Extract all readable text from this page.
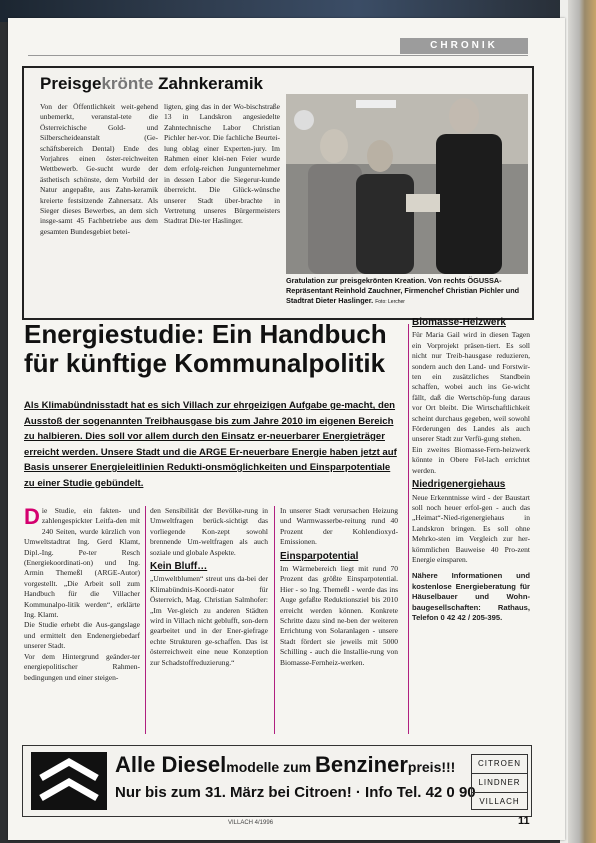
CHRONIK
Preisgekrönte Zahnkeramik
Von der Öffentlichkeit weit-gehend unbemerkt, veranstal-tete die Österreichische Gold- und Silberscheideanstalt (Ge-schäftsbereich Dental) Ende des Vorjahres einen öster-reichweiten Wettbewerb. Ge-sucht wurde der ästhetisch schönste, dem Vorbild der Natur angepaßte, aus Zahn-keramik kreierte festsitzende Zahnersatz. Als Sieger dieses Bewerbes, an dem sich insge-samt 45 Fachbetriebe aus dem gesamten Bundesgebiet betei-
ligten, ging das in der Wo-bischstraße 13 in Landskron angesiedelte Zahntechnische Labor Christian Pichler her-vor. Die fachliche Beurtei-lung oblag einer Experten-jury. Im Rahmen einer klei-nen Feier wurde dem erfolg-reichen Jungunternehmer in dessen Labor die Siegerur-kunde überreicht. Die Glück-wünsche unserer Stadt über-brachte in Vertretung unseres Bürgermeisters Stadtrat Die-ter Haslinger.
Gratulation zur preisgekrönten Kreation. Von rechts ÖGUSSA-Repräsentant Reinhold Zauchner, Firmenchef Christian Pichler und Stadtrat Dieter Haslinger. Foto: Lercher
Energiestudie: Ein Handbuch für künftige Kommunalpolitik
Als Klimabündnisstadt hat es sich Villach zur ehrgeizigen Aufgabe ge-macht, den Ausstoß der sogenannten Treibhausgase bis zum Jahre 2010 im eigenen Bereich zu halbieren. Dies soll vor allem durch den Einsatz er-neuerbarer Energieträger erreicht werden. Unsere Stadt und die ARGE Er-neuerbare Energie haben jetzt auf Basis unserer Energieleitlinien Redukti-onsmöglichkeiten und Einsparpotentiale zu einer Studie gebündelt.

Die Studie, ein fakten- und zahlengespickter Leitfa-den mit 240 Seiten, wurde kürzlich von Umweltstadtrat Ing. Gerd Klamt, Dipl.-Ing. Pe-ter Resch (Energiekoordinati-on) und Ing. Armin Themeßl (ARGE-Autor) vorgestellt. „Die Arbeit soll zum Handbuch für die Villacher Kommunalpo-litik werden“, erklärte Ing. Klamt.

Die Studie erhebt die Aus-gangslage und ermittelt den Endenergiebedarf unserer Stadt.

Vor dem Hintergrund geänder-ter energiepolitischer Rahmen-bedingungen und einer steigen-

den Sensibilität der Bevölke-rung in Umweltfragen berück-sichtigt das vorliegende Kon-zept sowohl brennende Um-weltfragen als auch soziale und globale Aspekte.

Kein Bluff…

„Umweltblumen“ streut uns da-bei der Klimabündnis-Koordi-nator für Österreich, Mag. Christian Salmhofer: „Im Ver-gleich zu anderen Städten wird in Villach nicht geblufft, son-dern gearbeitet und in der Ener-giefrage echte Strukturen ge-schaffen. Das ist österreichweit eine neue Konzeption zur Schadstoffreduzierung.“

In unserer Stadt verursachen Heizung und Warmwasserbe-reitung rund 40 Prozent der Kohlendioxyd-Emissionen.

Einsparpotential

Im Wärmebereich liegt mit rund 70 Prozent das größte Einsparpotential. Hier - so Ing. Themeßl - werde das ins Auge gefaßte Reduktionsziel bis 2010 erreicht werden können. Konkrete Schritte dazu sind ne-ben der weiteren Errichtung von Solaranlagen - unsere Stadt fördert sie jeweils mit 5000 Schilling - auch die Installie-rung von Biomasse-Fernheiz-werken.

Biomasse-Heizwerk

Für Maria Gail wird in diesen Tagen ein Vorprojekt präsen-tiert. Es soll nicht nur Treib-hausgase reduzieren, sondern auch den Land- und Forstwir-ten ein zusätzliches Standbein schaffen, wobei auch ins Ge-wicht fällt, daß die Wertschöp-fung daraus vor Ort bleibt. Die Wirtschaftlichkeit scheint durchaus gegeben, weil sowohl Förderungen des Landes als auch unserer Stadt zur Verfü-gung stehen.

Ein zweites Biomasse-Fern-heizwerk könnte in Obere Fel-lach errichtet werden.

Niedrigenergiehaus

Neue Erkenntnisse wird - der Baustart soll noch heuer erfol-gen - auch das „Heimat“-Nied-rigenergiehaus in Landskron bringen. Es soll ohne Mehrko-sten im Vergleich zur her-kömmlichen Bauweise 40 Pro-zent Energie einsparen.

Nähere Informationen und kostenlose Energieberatung für Häuselbauer und Wohn-baugesellschaften: Rathaus, Telefon 0 42 42 / 205-395.

Alle Dieselmodelle zum Benzinerpreis!!!
Nur bis zum 31. März bei Citroen! · Info Tel. 42 0 90
CITROEN
LINDNER
VILLACH
VILLACH 4/1996	11
